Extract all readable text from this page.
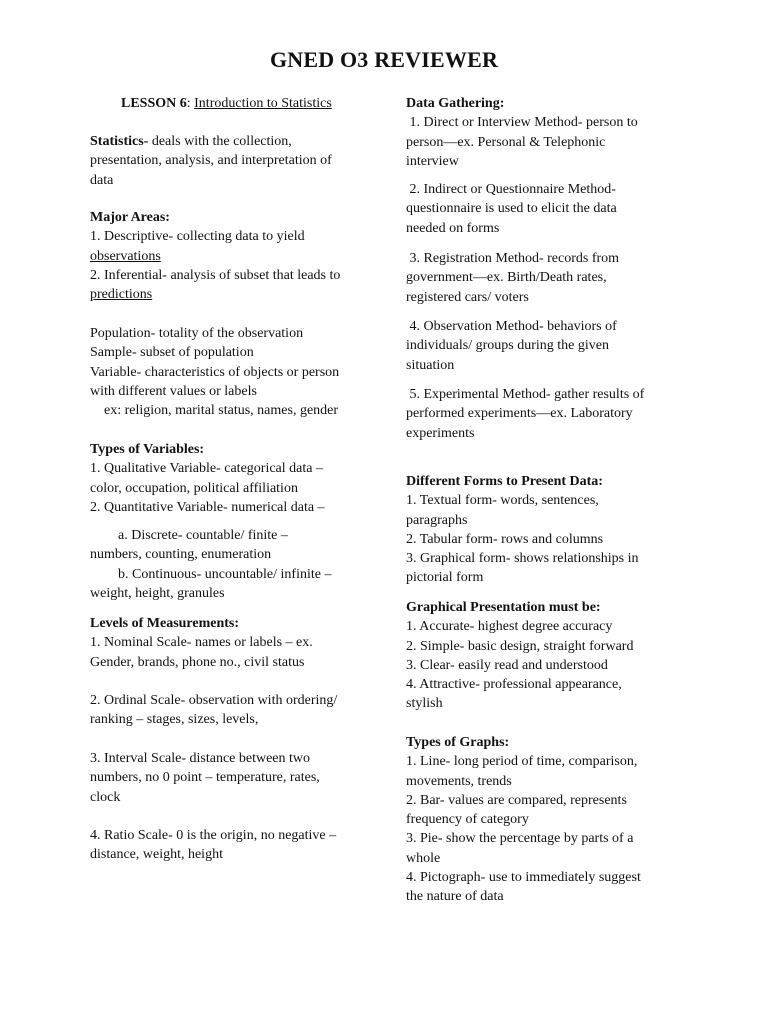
GNED O3 REVIEWER
LESSON 6: Introduction to Statistics
Statistics- deals with the collection,
presentation, analysis, and interpretation of
data
Major Areas:
1. Descriptive- collecting data to yield
observations
2. Inferential- analysis of subset that leads to
predictions
Population- totality of the observation
Sample- subset of population
Variable- characteristics of objects or person
with different values or labels
ex: religion, marital status, names, gender
Types of Variables:
1. Qualitative Variable- categorical data –
color, occupation, political affiliation
2. Quantitative Variable- numerical data –
a. Discrete- countable/ finite –
numbers, counting, enumeration
b. Continuous- uncountable/ infinite –
weight, height, granules
Levels of Measurements:
1. Nominal Scale- names or labels – ex.
Gender, brands, phone no., civil status
2. Ordinal Scale- observation with ordering/
ranking – stages, sizes, levels,
3. Interval Scale- distance between two
numbers, no 0 point – temperature, rates,
clock
4. Ratio Scale- 0 is the origin, no negative –
distance, weight, height
Data Gathering:
1. Direct or Interview Method- person to
person—ex. Personal & Telephonic
interview
2. Indirect or Questionnaire Method-
questionnaire is used to elicit the data
needed on forms
3. Registration Method- records from
government—ex. Birth/Death rates,
registered cars/ voters
4. Observation Method- behaviors of
individuals/ groups during the given
situation
5. Experimental Method- gather results of
performed experiments—ex. Laboratory
experiments
Different Forms to Present Data:
1. Textual form- words, sentences,
paragraphs
2. Tabular form- rows and columns
3. Graphical form- shows relationships in
pictorial form
Graphical Presentation must be:
1. Accurate- highest degree accuracy
2. Simple- basic design, straight forward
3. Clear- easily read and understood
4. Attractive- professional appearance,
stylish
Types of Graphs:
1. Line- long period of time, comparison,
movements, trends
2. Bar- values are compared, represents
frequency of category
3. Pie- show the percentage by parts of a
whole
4. Pictograph- use to immediately suggest
the nature of data
